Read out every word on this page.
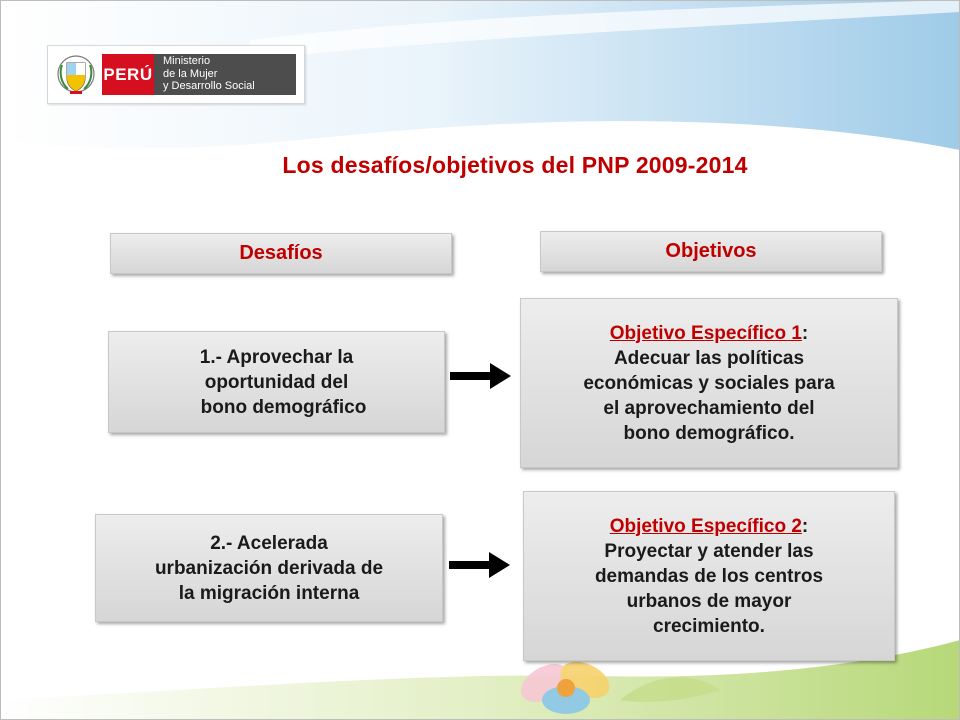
PERÚ
Ministerio
de la Mujer
y Desarrollo Social
Los desafíos/objetivos del PNP 2009-2014
Desafíos	Objetivos
1.- Aprovechar la
oportunidad del
bono demográfico
2.- Acelerada
urbanización derivada de
la migración interna
Objetivo Específico 1:
Adecuar las políticas
económicas y sociales para
el aprovechamiento del
bono demográfico.
Objetivo Específico 2:
Proyectar y atender las
demandas de los centros
urbanos de mayor
crecimiento.
